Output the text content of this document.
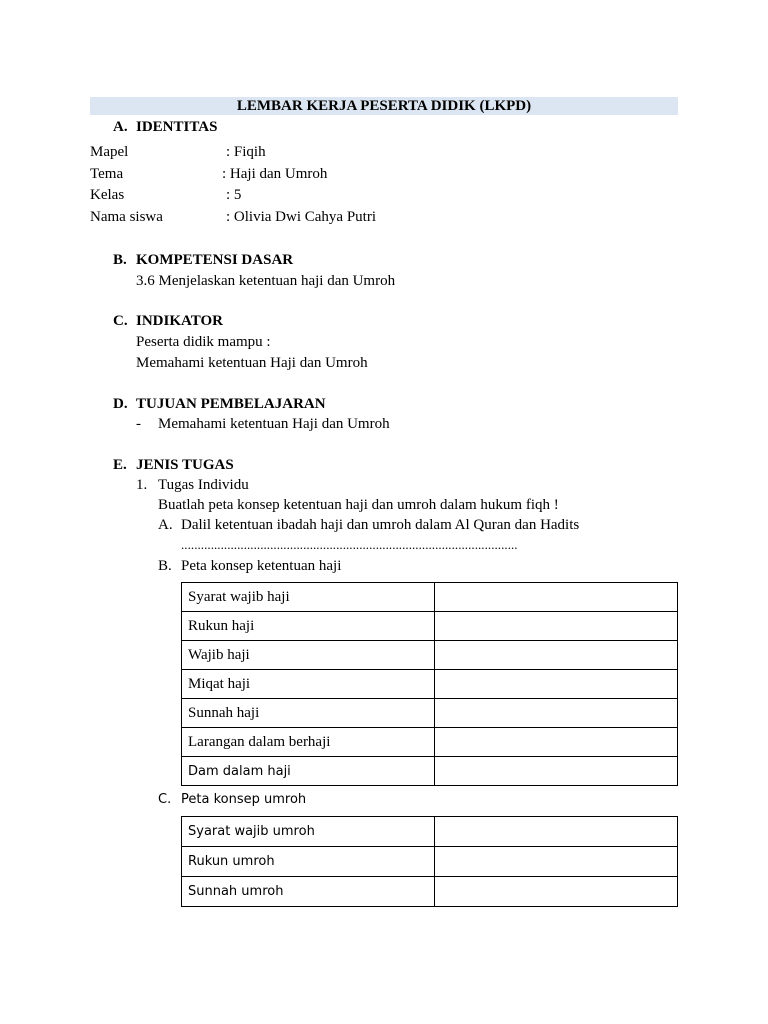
LEMBAR KERJA PESERTA DIDIK (LKPD)
A. IDENTITAS
Mapel	: Fiqih
Tema	: Haji dan Umroh
Kelas	: 5
Nama siswa	: Olivia Dwi Cahya Putri
B. KOMPETENSI DASAR
3.6 Menjelaskan ketentuan haji dan Umroh
C. INDIKATOR
Peserta didik mampu :
Memahami ketentuan Haji dan Umroh
D. TUJUAN PEMBELAJARAN
- Memahami ketentuan Haji dan Umroh
E. JENIS TUGAS
1. Tugas Individu
Buatlah peta konsep ketentuan haji dan umroh dalam hukum fiqh !
A. Dalil ketentuan ibadah haji dan umroh dalam Al Quran dan Hadits
......................................................................................................
B. Peta konsep ketentuan haji
Syarat wajib haji	
Rukun haji	
Wajib haji	
Miqat haji	
Sunnah haji	
Larangan dalam berhaji	
Dam dalam haji	
C. Peta konsep umroh
Syarat wajib umroh	
Rukun umroh	
Sunnah umroh	
